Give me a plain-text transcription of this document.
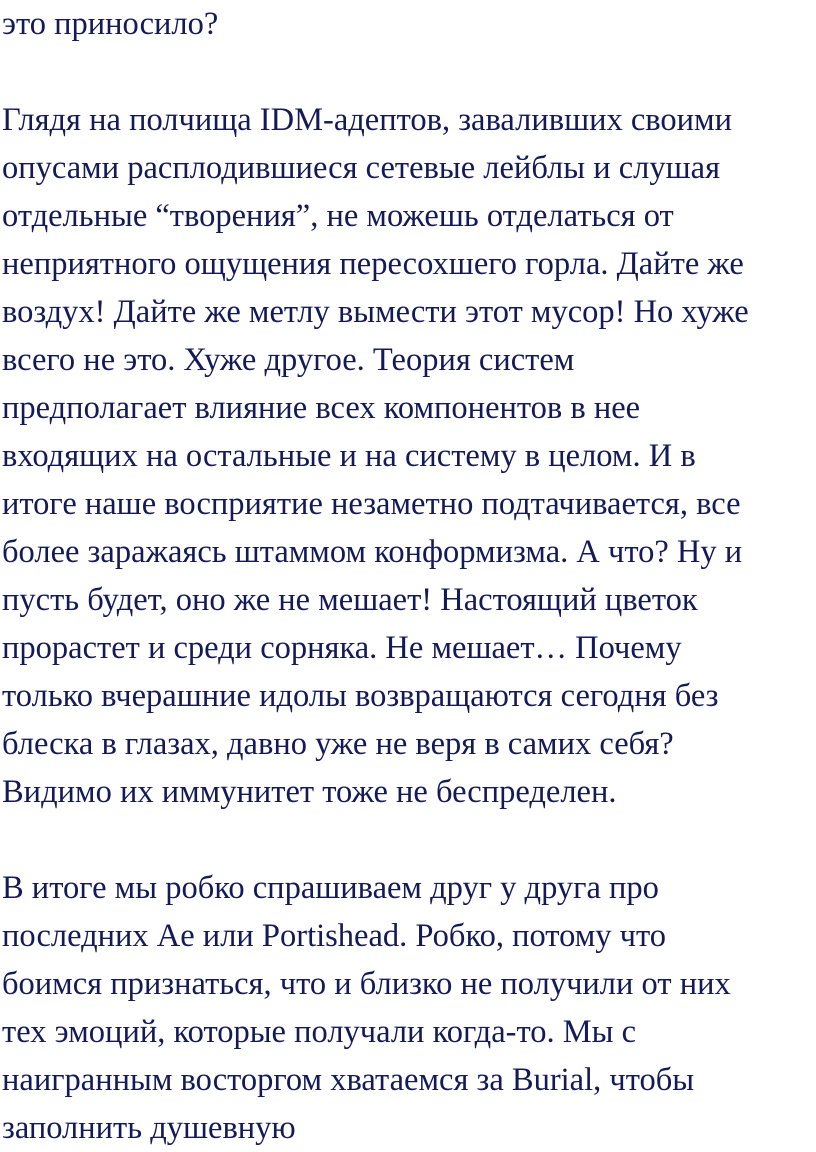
это приносило?
Глядя на полчища IDM-адептов, заваливших своими
опусами расплодившиеся сетевые лейблы и слушая
отдельные “творения”, не можешь отделаться от
неприятного ощущения пересохшего горла. Дайте же
воздух! Дайте же метлу вымести этот мусор! Но хуже
всего не это. Хуже другое. Теория систем
предполагает влияние всех компонентов в нее
входящих на остальные и на систему в целом. И в
итоге наше восприятие незаметно подтачивается, все
более заражаясь штаммом конформизма. А что? Ну и
пусть будет, оно же не мешает! Настоящий цветок
прорастет и среди сорняка. Не мешает… Почему
только вчерашние идолы возвращаются сегодня без
блеска в глазах, давно уже не веря в самих себя?
Видимо их иммунитет тоже не беспределен.
В итоге мы робко спрашиваем друг у друга про
последних Ae или Portishead. Робко, потому что
боимся признаться, что и близко не получили от них
тех эмоций, которые получали когда-то. Мы с
наигранным восторгом хватаемся за Burial, чтобы
заполнить душевную
